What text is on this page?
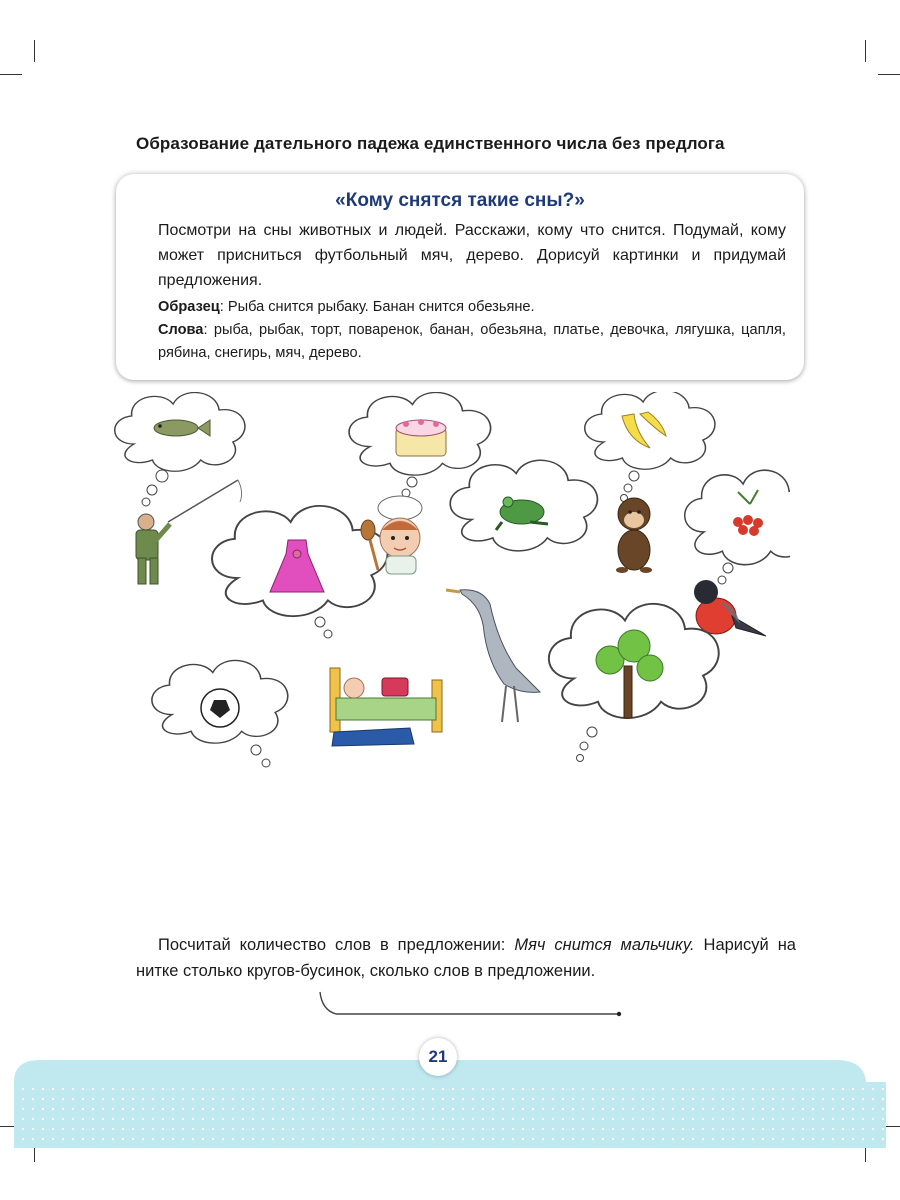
Образование дательного падежа единственного числа без предлога
«Кому снятся такие сны?»
Посмотри на сны животных и людей. Расскажи, кому что снится. Подумай, кому может присниться футбольный мяч, дерево. Дорисуй картинки и придумай предложения.
Образец: Рыба снится рыбаку. Банан снится обезьяне.
Слова: рыба, рыбак, торт, поваренок, банан, обезьяна, платье, девочка, лягушка, цапля, рябина, снегирь, мяч, дерево.
Посчитай количество слов в предложении: Мяч снится мальчику. Нарисуй на нитке столько кругов-бусинок, сколько слов в предложении.
21
